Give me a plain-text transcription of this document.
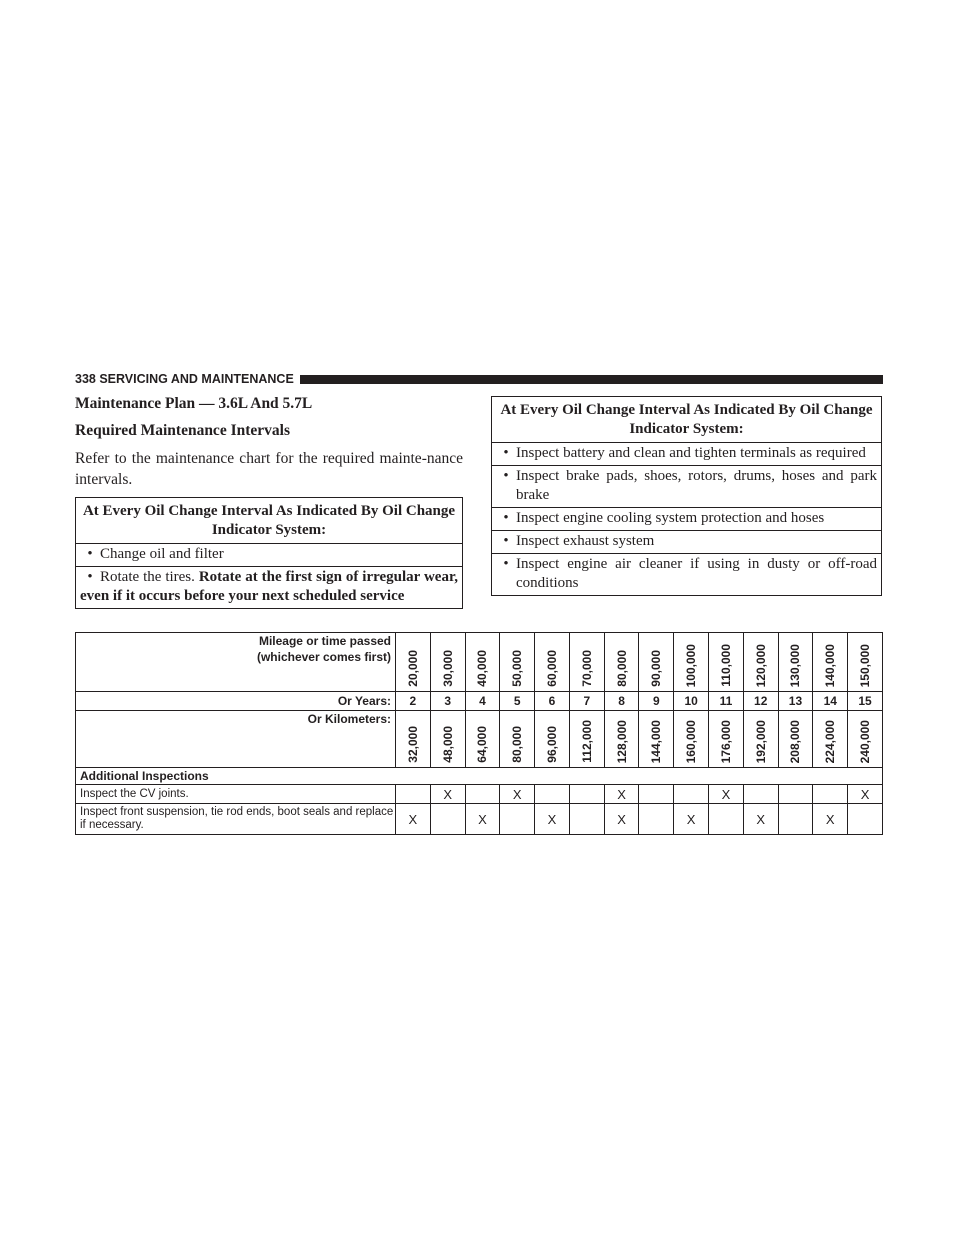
338 SERVICING AND MAINTENANCE
Maintenance Plan — 3.6L And 5.7L
Required Maintenance Intervals
Refer to the maintenance chart for the required mainte-nance intervals.
At Every Oil Change Interval As Indicated By Oil Change Indicator System:
• Change oil and filter
• Rotate the tires. Rotate at the first sign of irregular wear, even if it occurs before your next scheduled service
At Every Oil Change Interval As Indicated By Oil Change Indicator System:
• Inspect battery and clean and tighten terminals as required
• Inspect brake pads, shoes, rotors, drums, hoses and park brake
• Inspect engine cooling system protection and hoses
• Inspect exhaust system
• Inspect engine air cleaner if using in dusty or off-road conditions
Mileage or time passed
(whichever comes first)	20,000	30,000	40,000	50,000	60,000	70,000	80,000	90,000	100,000	110,000	120,000	130,000	140,000	150,000

Or Years:	2	3	4	5	6	7	8	9	10	11	12	13	14	15

Or Kilometers:	32,000	48,000	64,000	80,000	96,000	112,000	128,000	144,000	160,000	176,000	192,000	208,000	224,000	240,000

Additional Inspections														
Inspect the CV joints.		X		X			X			X				X
Inspect front suspension, tie rod ends, boot seals and replace if necessary.	X		X		X		X		X		X		X	
